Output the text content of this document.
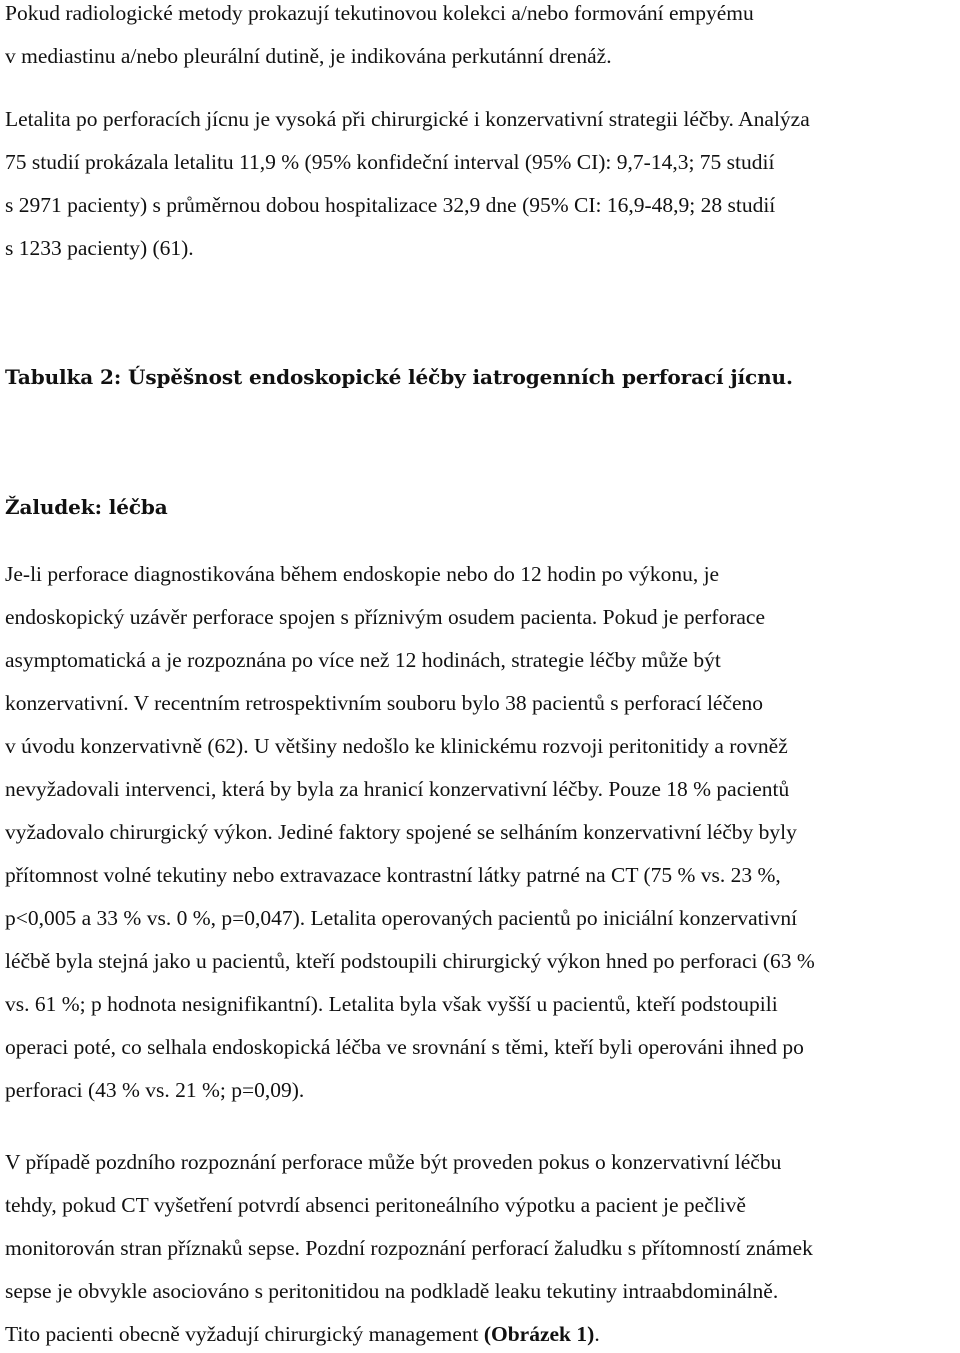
Pokud radiologické metody prokazují tekutinovou kolekci a/nebo formování empyému
v mediastinu a/nebo pleurální dutině, je indikována perkutánní drenáž.
Letalita po perforacích jícnu je vysoká při chirurgické i konzervativní strategii léčby. Analýza
75 studií prokázala letalitu 11,9 % (95% konfideční interval (95% CI): 9,7-14,3; 75 studií
s 2971 pacienty) s průměrnou dobou hospitalizace 32,9 dne (95% CI: 16,9-48,9; 28 studií
s 1233 pacienty) (61).
Tabulka 2: Úspěšnost endoskopické léčby iatrogenních perforací jícnu.
Žaludek: léčba
Je-li perforace diagnostikována během endoskopie nebo do 12 hodin po výkonu, je
endoskopický uzávěr perforace spojen s příznivým osudem pacienta. Pokud je perforace
asymptomatická a je rozpoznána po více než 12 hodinách, strategie léčby může být
konzervativní. V recentním retrospektivním souboru bylo 38 pacientů s perforací léčeno
v úvodu konzervativně (62). U většiny nedošlo ke klinickému rozvoji peritonitidy a rovněž
nevyžadovali intervenci, která by byla za hranicí konzervativní léčby. Pouze 18 % pacientů
vyžadovalo chirurgický výkon. Jediné faktory spojené se selháním konzervativní léčby byly
přítomnost volné tekutiny nebo extravazace kontrastní látky patrné na CT (75 % vs. 23 %,
p<0,005 a 33 % vs. 0 %, p=0,047). Letalita operovaných pacientů po iniciální konzervativní
léčbě byla stejná jako u pacientů, kteří podstoupili chirurgický výkon hned po perforaci (63 %
vs. 61 %; p hodnota nesignifikantní). Letalita byla však vyšší u pacientů, kteří podstoupili
operaci poté, co selhala endoskopická léčba ve srovnání s těmi, kteří byli operováni ihned po
perforaci (43 % vs. 21 %; p=0,09).
V případě pozdního rozpoznání perforace může být proveden pokus o konzervativní léčbu
tehdy, pokud CT vyšetření potvrdí absenci peritoneálního výpotku a pacient je pečlivě
monitorován stran příznaků sepse. Pozdní rozpoznání perforací žaludku s přítomností známek
sepse je obvykle asociováno s peritonitidou na podkladě leaku tekutiny intraabdominálně.
Tito pacienti obecně vyžadují chirurgický management (Obrázek 1).
